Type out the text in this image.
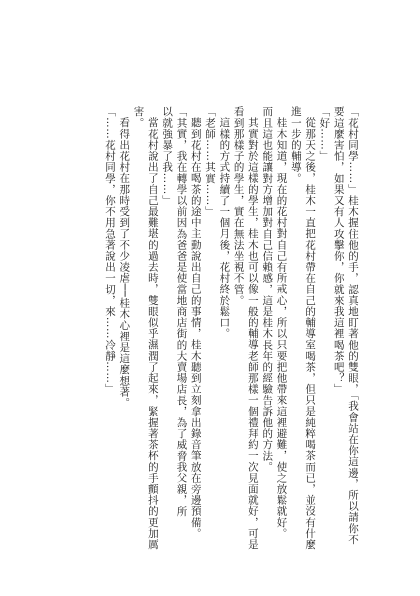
「花村同學……」桂木握住他的手，認真地盯著他的雙眼，「我會站在你這邊，所以請你不

要這麼害怕，如果又有人攻擊你，你就來我這裡喝茶吧？」

「好……」

從那天之後，桂木一直把花村帶在自己的輔導室喝茶，但只是純粹喝茶而已，並沒有什麼

進一步的輔導。

桂木知道，現在的花村對自己有所戒心，所以只要把他帶來這裡避難，使之放鬆就好。

而且這也能讓對方增加對自己信賴感，這是桂木長年的經驗告訴他的方法。

其實對於這樣的學生，桂木也可以像一般的輔導老師那樣一個禮拜約一次見面就好，可是

看到那樣子的學生，實在無法坐視不管。

這樣的方式持續了一個月後，花村終於鬆口。

「老師……其實……」

聽到花村在喝茶的途中主動說出自己的事情，桂木聽到立刻拿出錄音筆放在旁邊預備。

「其實，我在轉學以前因為爸爸是使當地商店街的大賣場店長，為了威脅我父親，所

以就強暴了我……」

當花村說出了自己最難堪的過去時，雙眼似乎濕潤了起來，緊握著茶杯的手顫抖的更加厲

害。

看得出花村在那時受到了不少凌虐──桂木心裡是這麼想著。

「……花村同學，你不用急著說出一切，來……冷靜……」
